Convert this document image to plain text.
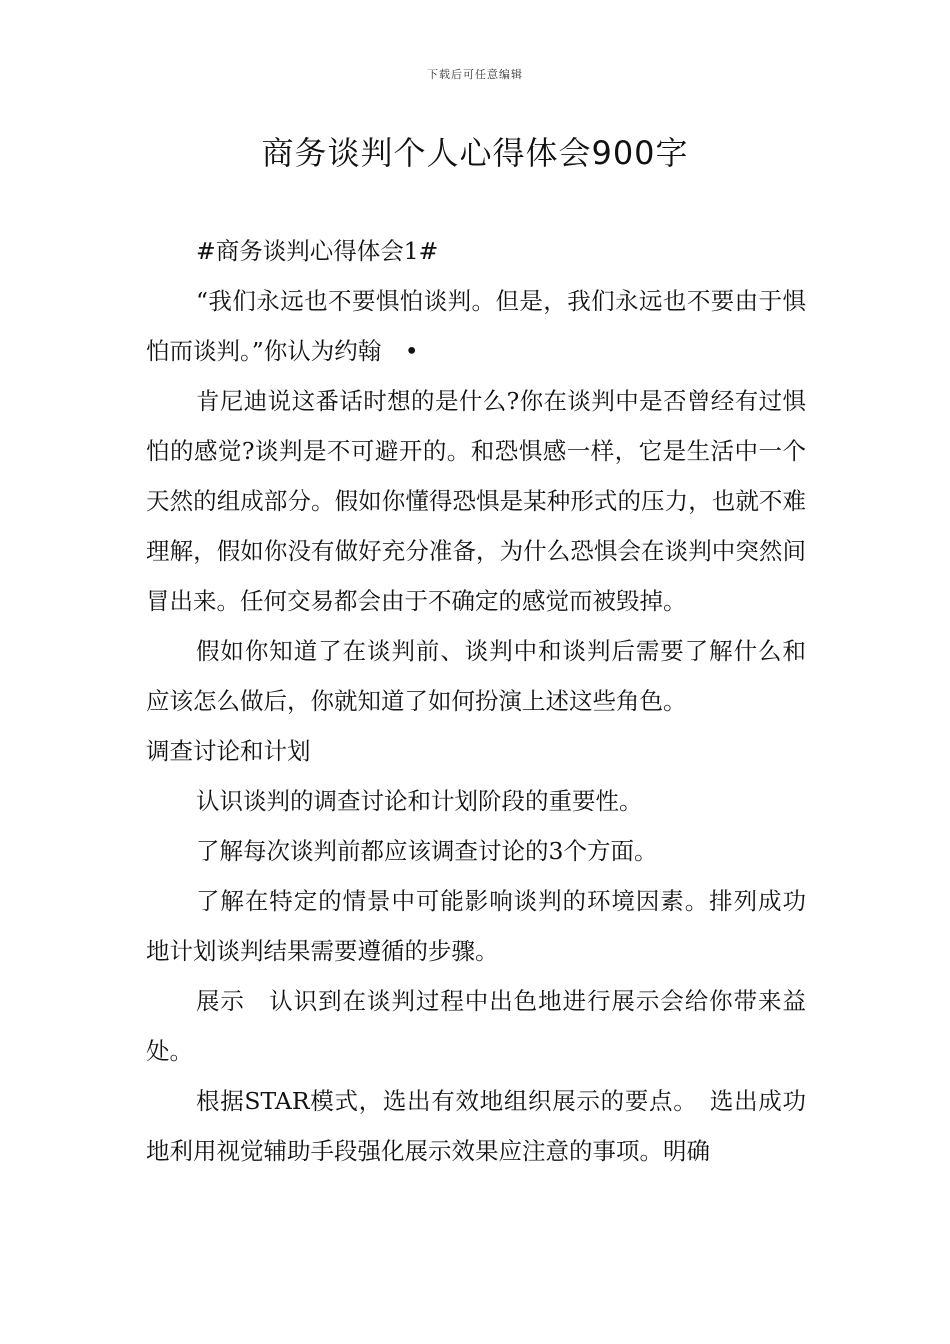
下载后可任意编辑
商务谈判个人心得体会900字

#商务谈判心得体会1#

“我们永远也不要惧怕谈判。但是，我们永远也不要由于惧怕而谈判。”你认为约翰　•

肯尼迪说这番话时想的是什么?你在谈判中是否曾经有过惧怕的感觉?谈判是不可避开的。和恐惧感一样，它是生活中一个天然的组成部分。假如你懂得恐惧是某种形式的压力，也就不难理解，假如你没有做好充分准备，为什么恐惧会在谈判中突然间冒出来。任何交易都会由于不确定的感觉而被毁掉。

假如你知道了在谈判前、谈判中和谈判后需要了解什么和应该怎么做后，你就知道了如何扮演上述这些角色。

调查讨论和计划

认识谈判的调查讨论和计划阶段的重要性。

了解每次谈判前都应该调查讨论的3个方面。

了解在特定的情景中可能影响谈判的环境因素。排列成功地计划谈判结果需要遵循的步骤。

展示　认识到在谈判过程中出色地进行展示会给你带来益处。

根据STAR模式，选出有效地组织展示的要点。　选出成功地利用视觉辅助手段强化展示效果应注意的事项。明确
